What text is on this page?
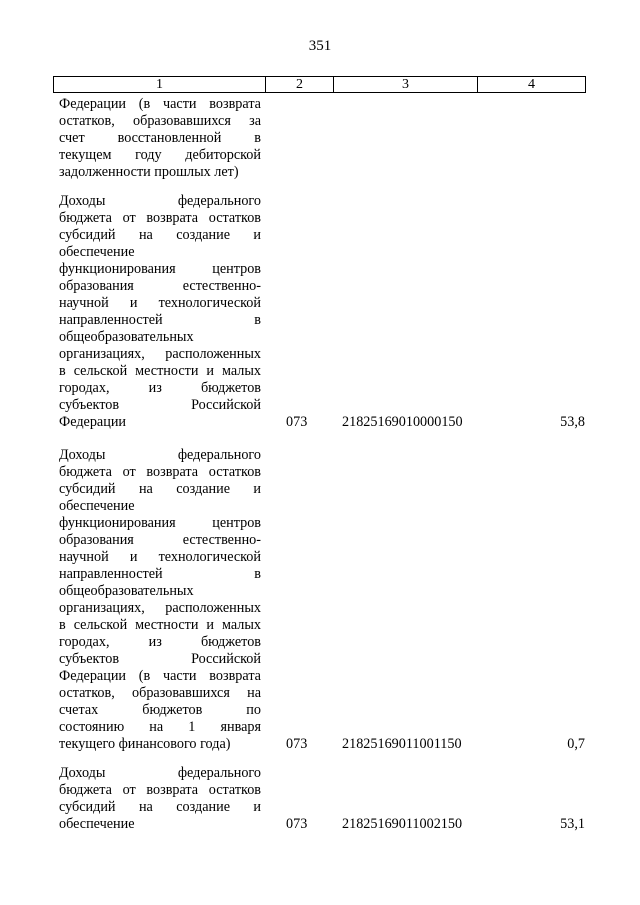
351
1	2	3	4
Федерации (в части возврата
остатков, образовавшихся за
счет восстановленной в
текущем году дебиторской
задолженности прошлых лет)
Доходы федерального
бюджета от возврата остатков
субсидий на создание и
обеспечение
функционирования центров
образования естественно-
научной и технологической
направленностей в
общеобразовательных
организациях, расположенных
в сельской местности и малых
городах, из бюджетов
субъектов Российской
Федерации	073 21825169010000150	53,8
Доходы федерального
бюджета от возврата остатков
субсидий на создание и
обеспечение
функционирования центров
образования естественно-
научной и технологической
направленностей в
общеобразовательных
организациях, расположенных
в сельской местности и малых
городах, из бюджетов
субъектов Российской
Федерации (в части возврата
остатков, образовавшихся на
счетах бюджетов по
состоянию на 1 января
текущего финансового года)	073 21825169011001150	0,7
Доходы федерального
бюджета от возврата остатков
субсидий на создание и
обеспечение	073 21825169011002150	53,1
